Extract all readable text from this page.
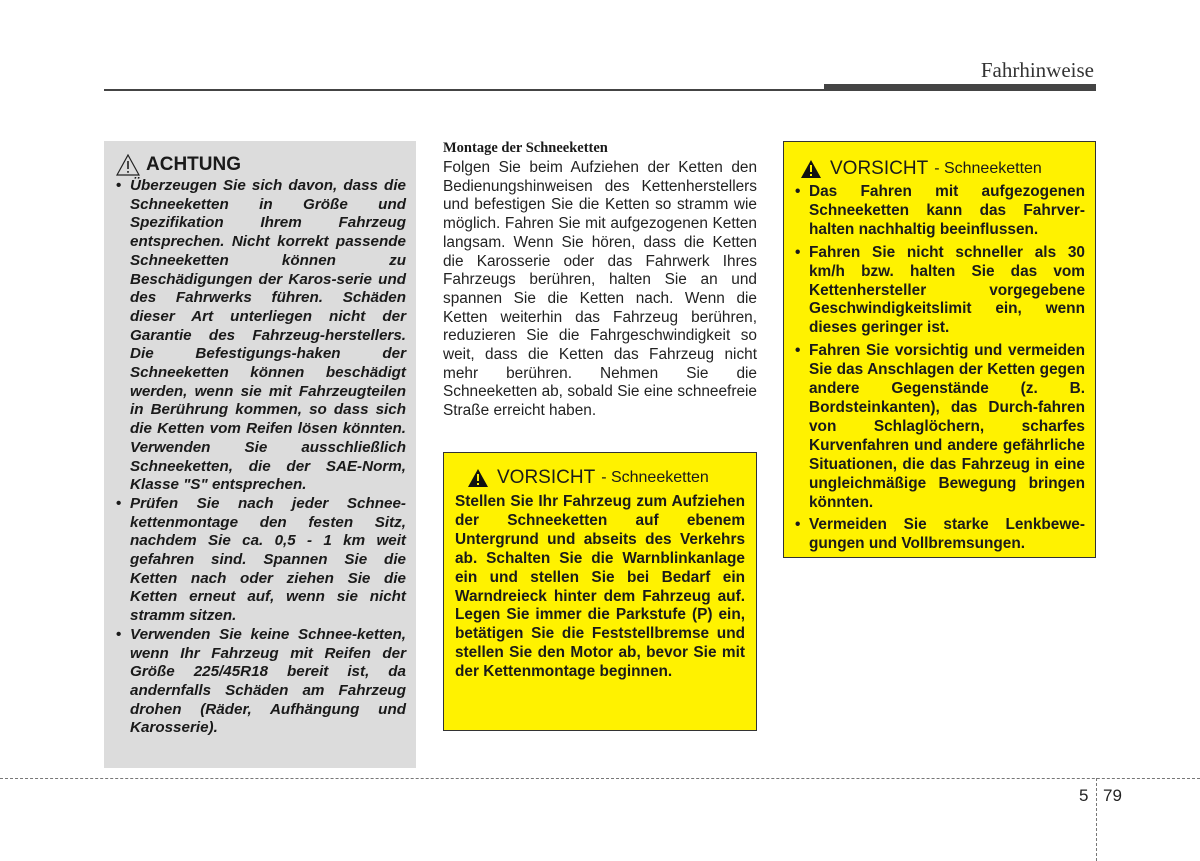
Fahrhinweise
ACHTUNG
• Überzeugen Sie sich davon, dass die Schneeketten in Größe und Spezifikation Ihrem Fahrzeug entsprechen. Nicht korrekt passende Schneeketten können zu Beschädigungen der Karos-serie und des Fahrwerks führen. Schäden dieser Art unterliegen nicht der Garantie des Fahrzeug-herstellers. Die Befestigungs-haken der Schneeketten können beschädigt werden, wenn sie mit Fahrzeugteilen in Berührung kommen, so dass sich die Ketten vom Reifen lösen könnten. Verwenden Sie ausschließlich Schneeketten, die der SAE-Norm, Klasse "S" entsprechen.
• Prüfen Sie nach jeder Schnee-kettenmontage den festen Sitz, nachdem Sie ca. 0,5 - 1 km weit gefahren sind. Spannen Sie die Ketten nach oder ziehen Sie die Ketten erneut auf, wenn sie nicht stramm sitzen.
• Verwenden Sie keine Schnee-ketten, wenn Ihr Fahrzeug mit Reifen der Größe 225/45R18 bereit ist, da andernfalls Schäden am Fahrzeug drohen (Räder, Aufhängung und Karosserie).
Montage der Schneeketten
Folgen Sie beim Aufziehen der Ketten den Bedienungshinweisen des Kettenherstellers und befestigen Sie die Ketten so stramm wie möglich. Fahren Sie mit aufgezogenen Ketten langsam. Wenn Sie hören, dass die Ketten die Karosserie oder das Fahrwerk Ihres Fahrzeugs berühren, halten Sie an und spannen Sie die Ketten nach. Wenn die Ketten weiterhin das Fahrzeug berühren, reduzieren Sie die Fahrgeschwindigkeit so weit, dass die Ketten das Fahrzeug nicht mehr berühren. Nehmen Sie die Schneeketten ab, sobald Sie eine schneefreie Straße erreicht haben.
VORSICHT - Schneeketten
Stellen Sie Ihr Fahrzeug zum Aufziehen der Schneeketten auf ebenem Untergrund und abseits des Verkehrs ab. Schalten Sie die Warnblinkanlage ein und stellen Sie bei Bedarf ein Warndreieck hinter dem Fahrzeug auf. Legen Sie immer die Parkstufe (P) ein, betätigen Sie die Feststellbremse und stellen Sie den Motor ab, bevor Sie mit der Kettenmontage beginnen.
VORSICHT - Schneeketten
• Das Fahren mit aufgezogenen Schneeketten kann das Fahrver-halten nachhaltig beeinflussen.
• Fahren Sie nicht schneller als 30 km/h bzw. halten Sie das vom Kettenhersteller vorgegebene Geschwindigkeitslimit ein, wenn dieses geringer ist.
• Fahren Sie vorsichtig und vermeiden Sie das Anschlagen der Ketten gegen andere Gegenstände (z. B. Bordsteinkanten), das Durch-fahren von Schlaglöchern, scharfes Kurvenfahren und andere gefährliche Situationen, die das Fahrzeug in eine ungleichmäßige Bewegung bringen könnten.
• Vermeiden Sie starke Lenkbewe-gungen und Vollbremsungen.
5 79
